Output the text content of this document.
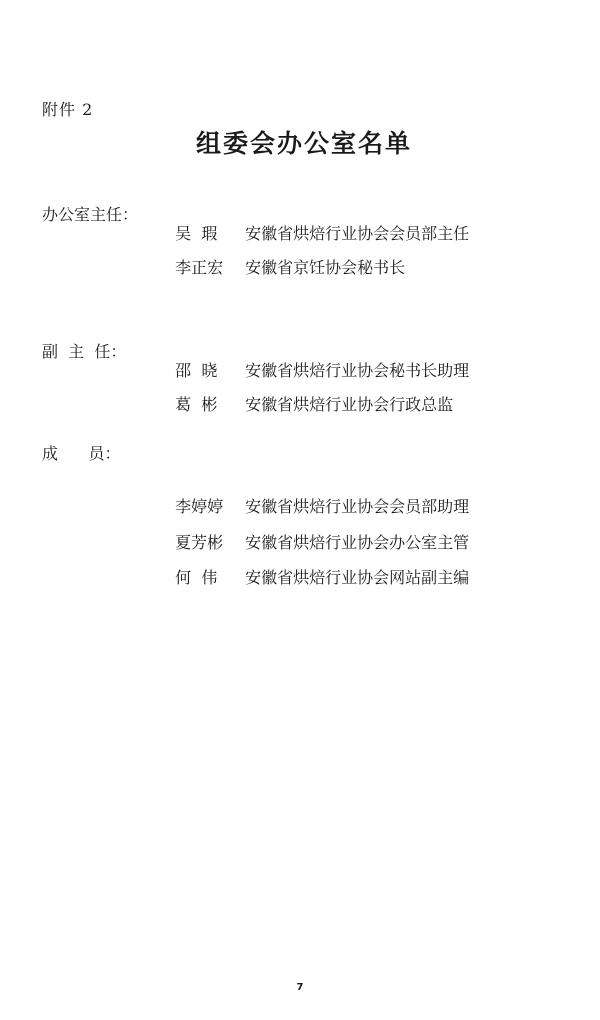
附件 2
组委会办公室名单
办公室主任：

吴  瑕 安徽省烘焙行业协会会员部主任

李正宏 安徽省京饪协会秘书长

副  主  任：

邵  晓 安徽省烘焙行业协会秘书长助理

葛  彬 安徽省烘焙行业协会行政总监

成      员：

李婷婷 安徽省烘焙行业协会会员部助理

夏芳彬 安徽省烘焙行业协会办公室主管

何  伟 安徽省烘焙行业协会网站副主编

7
